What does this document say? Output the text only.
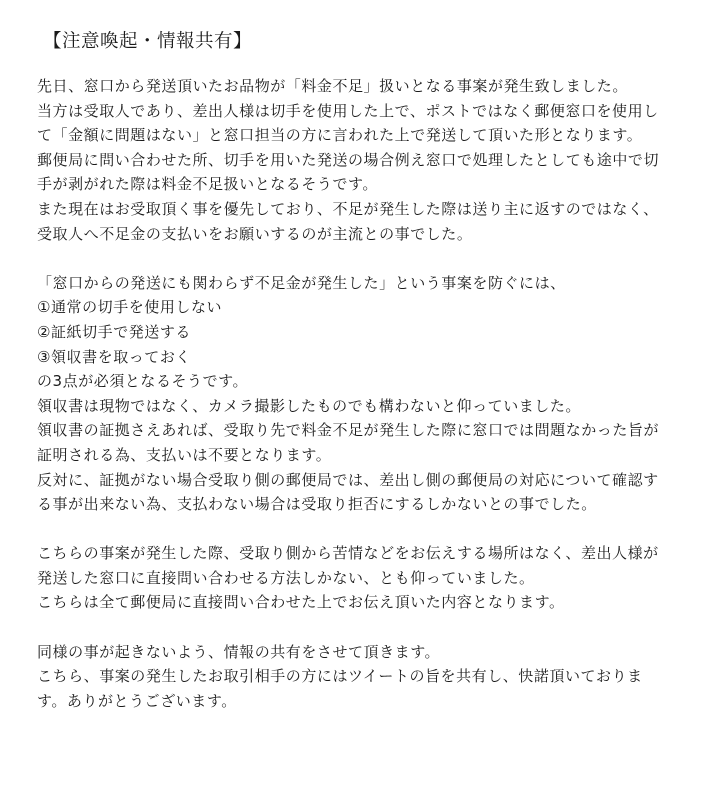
【注意喚起・情報共有】
先日、窓口から発送頂いたお品物が「料金不足」扱いとなる事案が発生致しました。
当方は受取人であり、差出人様は切手を使用した上で、ポストではなく郵便窓口を使用し
て「金額に問題はない」と窓口担当の方に言われた上で発送して頂いた形となります。
郵便局に問い合わせた所、切手を用いた発送の場合例え窓口で処理したとしても途中で切
手が剥がれた際は料金不足扱いとなるそうです。
また現在はお受取頂く事を優先しており、不足が発生した際は送り主に返すのではなく、
受取人へ不足金の支払いをお願いするのが主流との事でした。
「窓口からの発送にも関わらず不足金が発生した」という事案を防ぐには、
①通常の切手を使用しない
②証紙切手で発送する
③領収書を取っておく
の3点が必須となるそうです。
領収書は現物ではなく、カメラ撮影したものでも構わないと仰っていました。
領収書の証拠さえあれば、受取り先で料金不足が発生した際に窓口では問題なかった旨が
証明される為、支払いは不要となります。
反対に、証拠がない場合受取り側の郵便局では、差出し側の郵便局の対応について確認す
る事が出来ない為、支払わない場合は受取り拒否にするしかないとの事でした。
こちらの事案が発生した際、受取り側から苦情などをお伝えする場所はなく、差出人様が
発送した窓口に直接問い合わせる方法しかない、とも仰っていました。
こちらは全て郵便局に直接問い合わせた上でお伝え頂いた内容となります。
同様の事が起きないよう、情報の共有をさせて頂きます。
こちら、事案の発生したお取引相手の方にはツイートの旨を共有し、快諾頂いておりま
す。ありがとうございます。
